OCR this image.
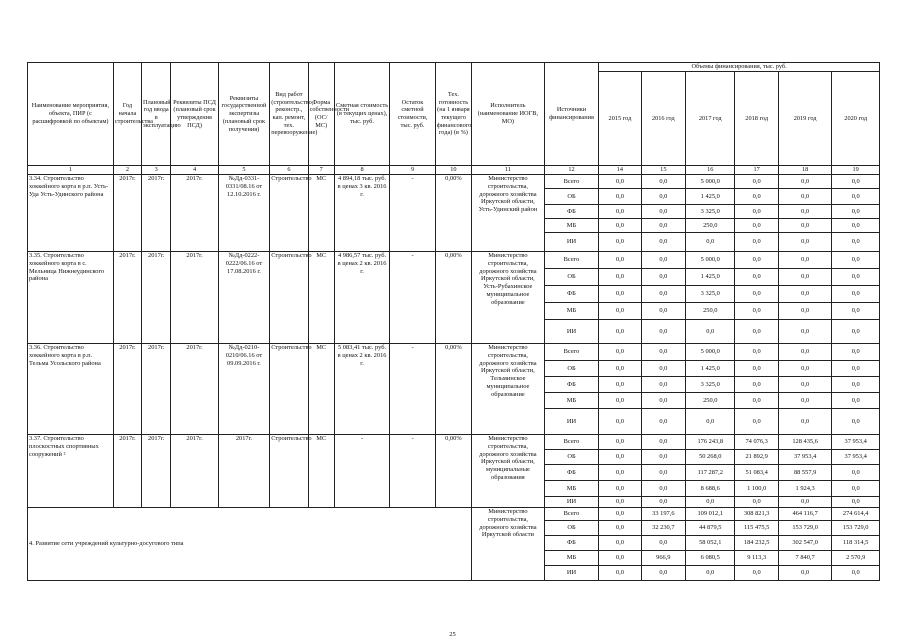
Наименование мероприятия, объекта, ПИР (с расшифровкой по объектам)	Год начала строительства	Плановый год ввода в эксплуатацию	Реквизиты ПСД (плановый срок утверждения ПСД)	Реквизиты государственной экспертизы (плановый срок получения)	Вид работ (строительство, реконстр., кап. ремонт, тех. перевооружение)	Форма собственности (ОС/МС)	Сметная стоимость (в текущих ценах), тыс. руб.	Остаток сметной стоимости, тыс. руб.	Тех. готовность (на 1 января текущего финансового года) (в %)	Исполнитель (наименование ИОГВ, МО)	Источники финансирования	Объемы финансирования, тыс. руб.					
												2015 год	2016 год	2017 год	2018 год	2019 год	2020 год
1	2	3	4	5	6	7	8	9	10	11	12	14	15	16	17	18	19
3.34. Строительство хоккейного корта в р.п. Усть-Уда Усть-Удинского района	2017г.	2017г.	2017г.	№Дд-0331-0331/08.16 от 12.10.2016 г.	Строительство	МС	4 894,18 тыс. руб. в ценах 3 кв. 2016 г.	-	0,00%	Министерство строительства, дорожного хозяйства Иркутской области, Усть-Удинский район	Всего	0,0	0,0	5 000,0	0,0	0,0	0,0
											ОБ	0,0	0,0	1 425,0	0,0	0,0	0,0
											ФБ	0,0	0,0	3 325,0	0,0	0,0	0,0
											МБ	0,0	0,0	250,0	0,0	0,0	0,0
											ИИ	0,0	0,0	0,0	0,0	0,0	0,0
3.35. Строительство хоккейного корта в с. Мельница Нижнеудинского района	2017г.	2017г.	2017г.	№Дд-0222-0222/06.16 от 17.08.2016 г.	Строительство	МС	4 986,57 тыс. руб. в ценах 2 кв. 2016 г.	-	0,00%	Министерство строительства, дорожного хозяйства Иркутской области, Усть-Рубахинское муниципальное образование	Всего	0,0	0,0	5 000,0	0,0	0,0	0,0
											ОБ	0,0	0,0	1 425,0	0,0	0,0	0,0
											ФБ	0,0	0,0	3 325,0	0,0	0,0	0,0
											МБ	0,0	0,0	250,0	0,0	0,0	0,0
											ИИ	0,0	0,0	0,0	0,0	0,0	0,0
3.36. Строительство хоккейного корта в р.п. Тельма Усольского района	2017г.	2017г.	2017г.	№Дд-0210-0210/06.16 от 09.09.2016 г.	Строительство	МС	5 083,41 тыс. руб. в ценах 2 кв. 2016 г.	-	0,00%	Министерство строительства, дорожного хозяйства Иркутской области, Тельминское муниципальное образование	Всего	0,0	0,0	5 000,0	0,0	0,0	0,0
											ОБ	0,0	0,0	1 425,0	0,0	0,0	0,0
											ФБ	0,0	0,0	3 325,0	0,0	0,0	0,0
											МБ	0,0	0,0	250,0	0,0	0,0	0,0
											ИИ	0,0	0,0	0,0	0,0	0,0	0,0
3.37. Строительство плоскостных спортивных сооружений ²	2017г.	2017г.	2017г.	2017г.	Строительство	МС	-	-	0,00%	Министерство строительства, дорожного хозяйства Иркутской области, муниципальные образования	Всего	0,0	0,0	176 243,8	74 076,3	128 435,6	37 953,4
											ОБ	0,0	0,0	50 268,0	21 892,9	37 953,4	37 953,4
											ФБ	0,0	0,0	117 287,2	51 083,4	88 557,9	0,0
											МБ	0,0	0,0	8 688,6	1 100,0	1 924,3	0,0
											ИИ	0,0	0,0	0,0	0,0	0,0	0,0
4. Развитие сети учреждений культурно-досугового типа										Министерство строительства, дорожного хозяйства Иркутской области	Всего	0,0	33 197,6	109 012,1	308 821,3	464 116,7	274 614,4
											ОБ	0,0	32 230,7	44 879,5	115 475,5	153 729,0	153 729,0
											ФБ	0,0	0,0	58 052,1	184 232,5	302 547,0	118 314,5
											МБ	0,0	966,9	6 080,5	9 113,3	7 840,7	2 570,9
											ИИ	0,0	0,0	0,0	0,0	0,0	0,0
25
